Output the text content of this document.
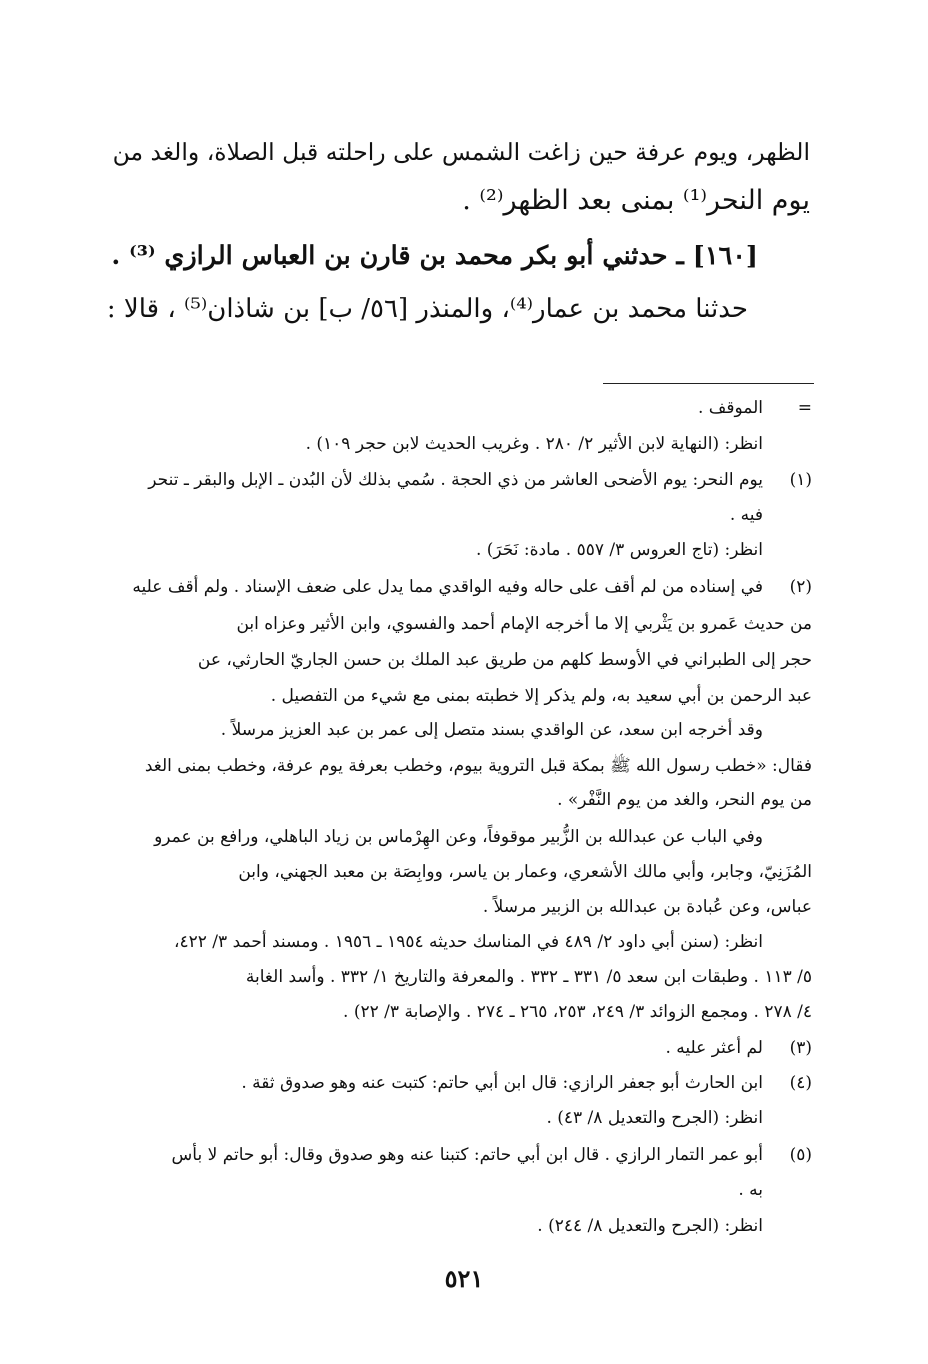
الظهر، ويوم عرفة حين زاغت الشمس على راحلته قبل الصلاة، والغد من
يوم النحر⁽¹⁾ بمنى بعد الظهر⁽²⁾ .
[١٦٠] ـ حدثني أبو بكر محمد بن قارن بن العباس الرازي ⁽³⁾ .
حدثنا محمد بن عمار⁽⁴⁾، والمنذر [٥٦/ ب] بن شاذان⁽⁵⁾ ، قالا :
=
الموقف .
انظر: (النهاية لابن الأثير ٢/ ٢٨٠ . وغريب الحديث لابن حجر ١٠٩) .
(١)
يوم النحر: يوم الأضحى العاشر من ذي الحجة . سُمي بذلك لأن البُدن ـ الإبل والبقر ـ تنحر
فيه .
انظر: (تاج العروس ٣/ ٥٥٧ . مادة: نَحَرَ) .
(٢)
في إسناده من لم أقف على حاله وفيه الواقدي مما يدل على ضعف الإسناد . ولم أقف عليه
من حديث عَمرو بن يَثْربي إلا ما أخرجه الإمام أحمد والفسوي، وابن الأثير وعزاه ابن
حجر إلى الطبراني في الأوسط كلهم من طريق عبد الملك بن حسن الجاريّ الحارثي، عن
عبد الرحمن بن أبي سعيد به، ولم يذكر إلا خطبته بمنى مع شيء من التفصيل .
وقد أخرجه ابن سعد، عن الواقدي بسند متصل إلى عمر بن عبد العزيز مرسلاً .
فقال: «خطب رسول الله ﷺ بمكة قبل التروية بيوم، وخطب بعرفة يوم عرفة، وخطب بمنى الغد
من يوم النحر، والغد من يوم النَّفْر» .
وفي الباب عن عبدالله بن الزُّبير موقوفاً، وعن الهِرْماس بن زياد الباهلي، ورافع بن عمرو
المُزَنِيّ، وجابر، وأبي مالك الأشعري، وعمار بن ياسر، ووابِصَة بن معبد الجهني، وابن
عباس، وعن عُبادة بن عبدالله بن الزبير مرسلاً .
انظر: (سنن أبي داود ٢/ ٤٨٩ في المناسك حديثه ١٩٥٤ ـ ١٩٥٦ . ومسند أحمد ٣/ ٤٢٢،
٥/ ١١٣ . وطبقات ابن سعد ٥/ ٣٣١ ـ ٣٣٢ . والمعرفة والتاريخ ١/ ٣٣٢ . وأسد الغابة
٤/ ٢٧٨ . ومجمع الزوائد ٣/ ٢٤٩، ٢٥٣، ٢٦٥ ـ ٢٧٤ . والإصابة ٣/ ٢٢) .
(٣)
لم أعثر عليه .
(٤)
ابن الحارث أبو جعفر الرازي: قال ابن أبي حاتم: كتبت عنه وهو صدوق ثقة .
انظر: (الجرح والتعديل ٨/ ٤٣) .
(٥)
أبو عمر التمار الرازي . قال ابن أبي حاتم: كتبنا عنه وهو صدوق وقال: أبو حاتم لا بأس
به .
انظر: (الجرح والتعديل ٨/ ٢٤٤) .
٥٢١
